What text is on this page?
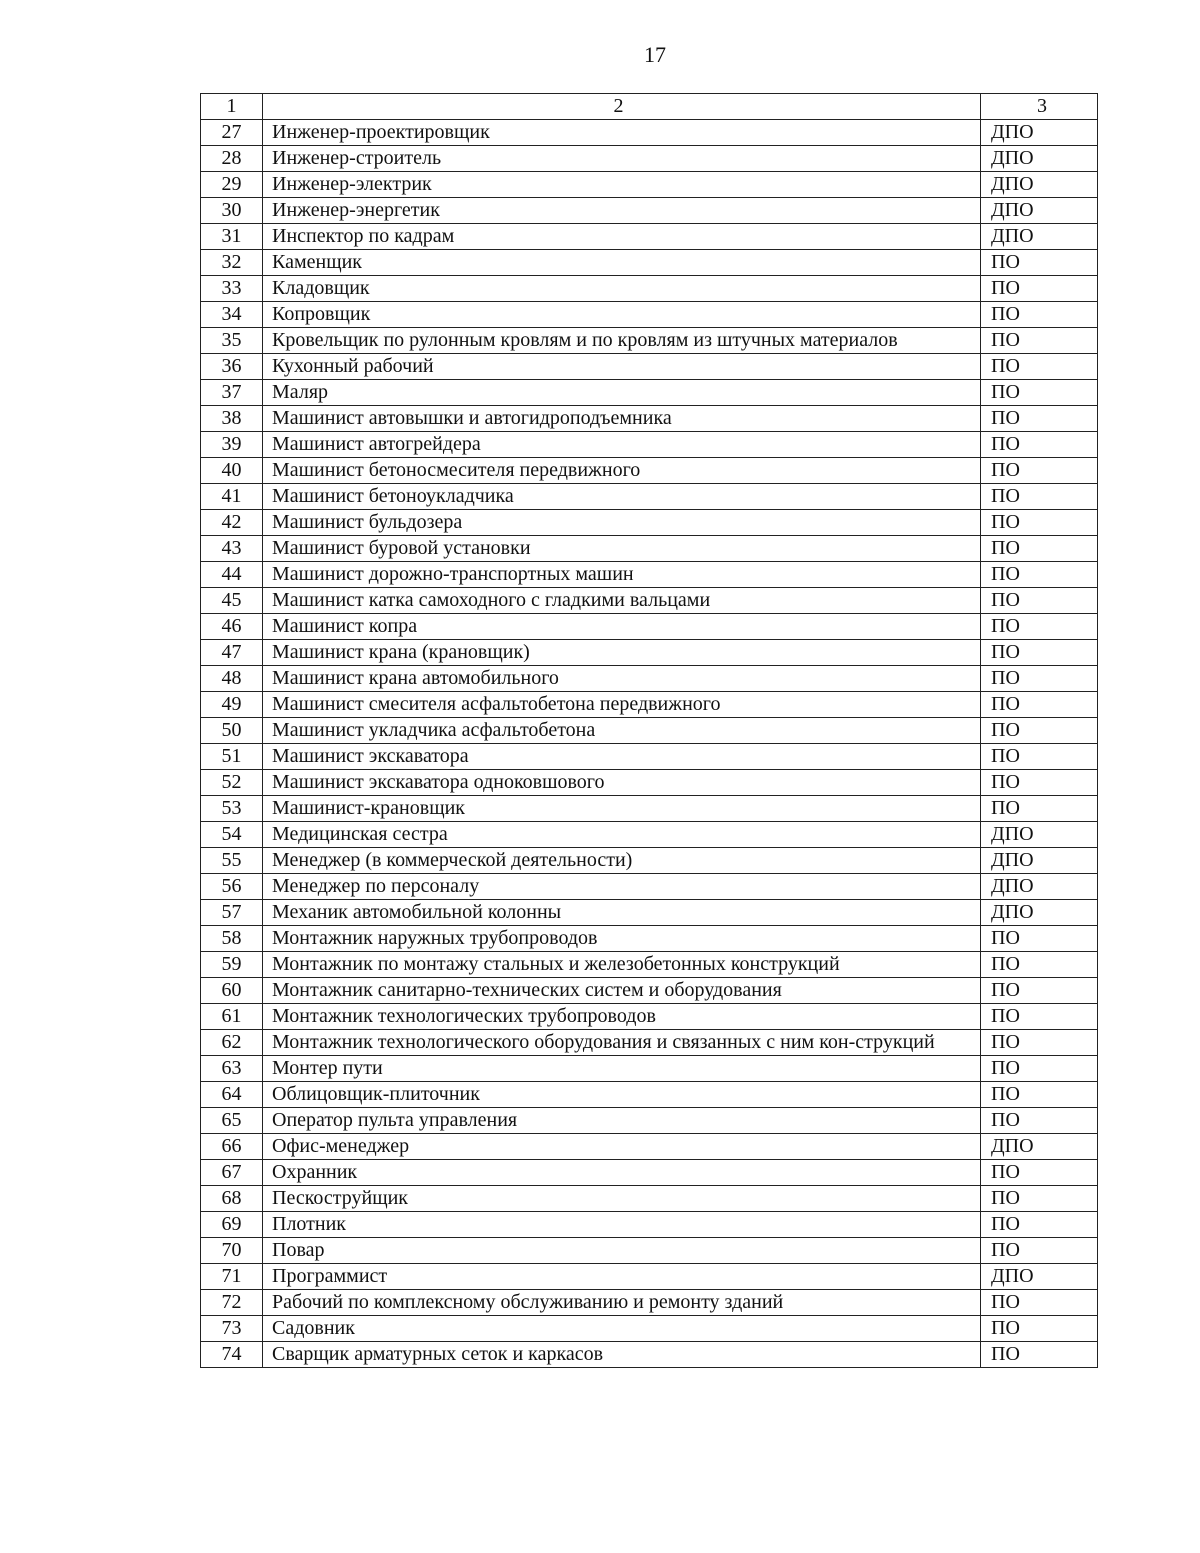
17
1	2	3
27	Инженер-проектировщик	ДПО
28	Инженер-строитель	ДПО
29	Инженер-электрик	ДПО
30	Инженер-энергетик	ДПО
31	Инспектор по кадрам	ДПО
32	Каменщик	ПО
33	Кладовщик	ПО
34	Копровщик	ПО
35	Кровельщик по рулонным кровлям и по кровлям из штучных материалов	ПО
36	Кухонный рабочий	ПО
37	Маляр	ПО
38	Машинист автовышки и автогидроподъемника	ПО
39	Машинист автогрейдера	ПО
40	Машинист бетоносмесителя передвижного	ПО
41	Машинист бетоноукладчика	ПО
42	Машинист бульдозера	ПО
43	Машинист буровой установки	ПО
44	Машинист дорожно-транспортных машин	ПО
45	Машинист катка самоходного с гладкими вальцами	ПО
46	Машинист копра	ПО
47	Машинист крана (крановщик)	ПО
48	Машинист крана автомобильного	ПО
49	Машинист смесителя асфальтобетона передвижного	ПО
50	Машинист укладчика асфальтобетона	ПО
51	Машинист экскаватора	ПО
52	Машинист экскаватора одноковшового	ПО
53	Машинист-крановщик	ПО
54	Медицинская сестра	ДПО
55	Менеджер (в коммерческой деятельности)	ДПО
56	Менеджер по персоналу	ДПО
57	Механик автомобильной колонны	ДПО
58	Монтажник наружных трубопроводов	ПО
59	Монтажник по монтажу стальных и железобетонных конструкций	ПО
60	Монтажник санитарно-технических систем и оборудования	ПО
61	Монтажник технологических трубопроводов	ПО
62	Монтажник технологического оборудования и связанных с ним кон-струкций	ПО
63	Монтер пути	ПО
64	Облицовщик-плиточник	ПО
65	Оператор пульта управления	ПО
66	Офис-менеджер	ДПО
67	Охранник	ПО
68	Пескоструйщик	ПО
69	Плотник	ПО
70	Повар	ПО
71	Программист	ДПО
72	Рабочий по комплексному обслуживанию и ремонту зданий	ПО
73	Садовник	ПО
74	Сварщик арматурных сеток и каркасов	ПО
